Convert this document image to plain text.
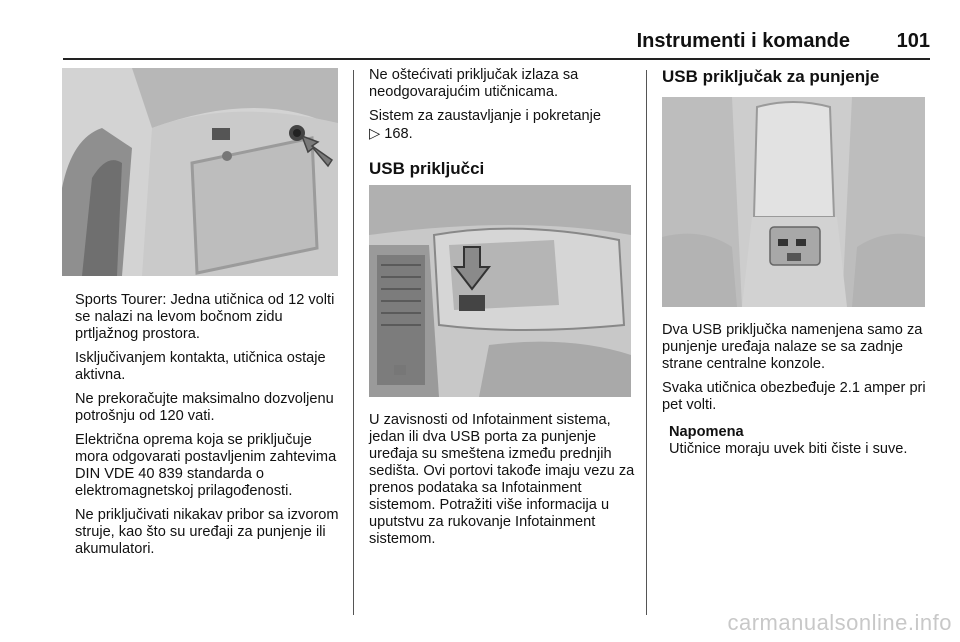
Instrumenti i komande 101

Sports Tourer: Jedna utičnica od 12 volti se nalazi na levom bočnom zidu prtljažnog prostora.

Isključivanjem kontakta, utičnica ostaje aktivna.

Ne prekoračujte maksimalno dozvoljenu potrošnju od 120 vati.

Električna oprema koja se priključuje mora odgovarati postavljenim zahtevima DIN VDE 40 839 standarda o elektromagnetskoj prilagođenosti.

Ne priključivati nikakav pribor sa izvorom struje, kao što su uređaji za punjenje ili akumulatori.

Ne oštećivati priključak izlaza sa neodgovarajućim utičnicama.

Sistem za zaustavljanje i pokretanje
▷ 168.

USB priključci

U zavisnosti od Infotainment sistema, jedan ili dva USB porta za punjenje uređaja su smeštena između prednjih sedišta. Ovi portovi takođe imaju vezu za prenos podataka sa Infotainment sistemom. Potražiti više informacija u uputstvu za rukovanje Infotainment sistemom.

USB priključak za punjenje

Dva USB priključka namenjena samo za punjenje uređaja nalaze se sa zadnje strane centralne konzole.

Svaka utičnica obezbeđuje 2.1 amper pri pet volti.

Napomena
Utičnice moraju uvek biti čiste i suve.
carmanualsonline.info
